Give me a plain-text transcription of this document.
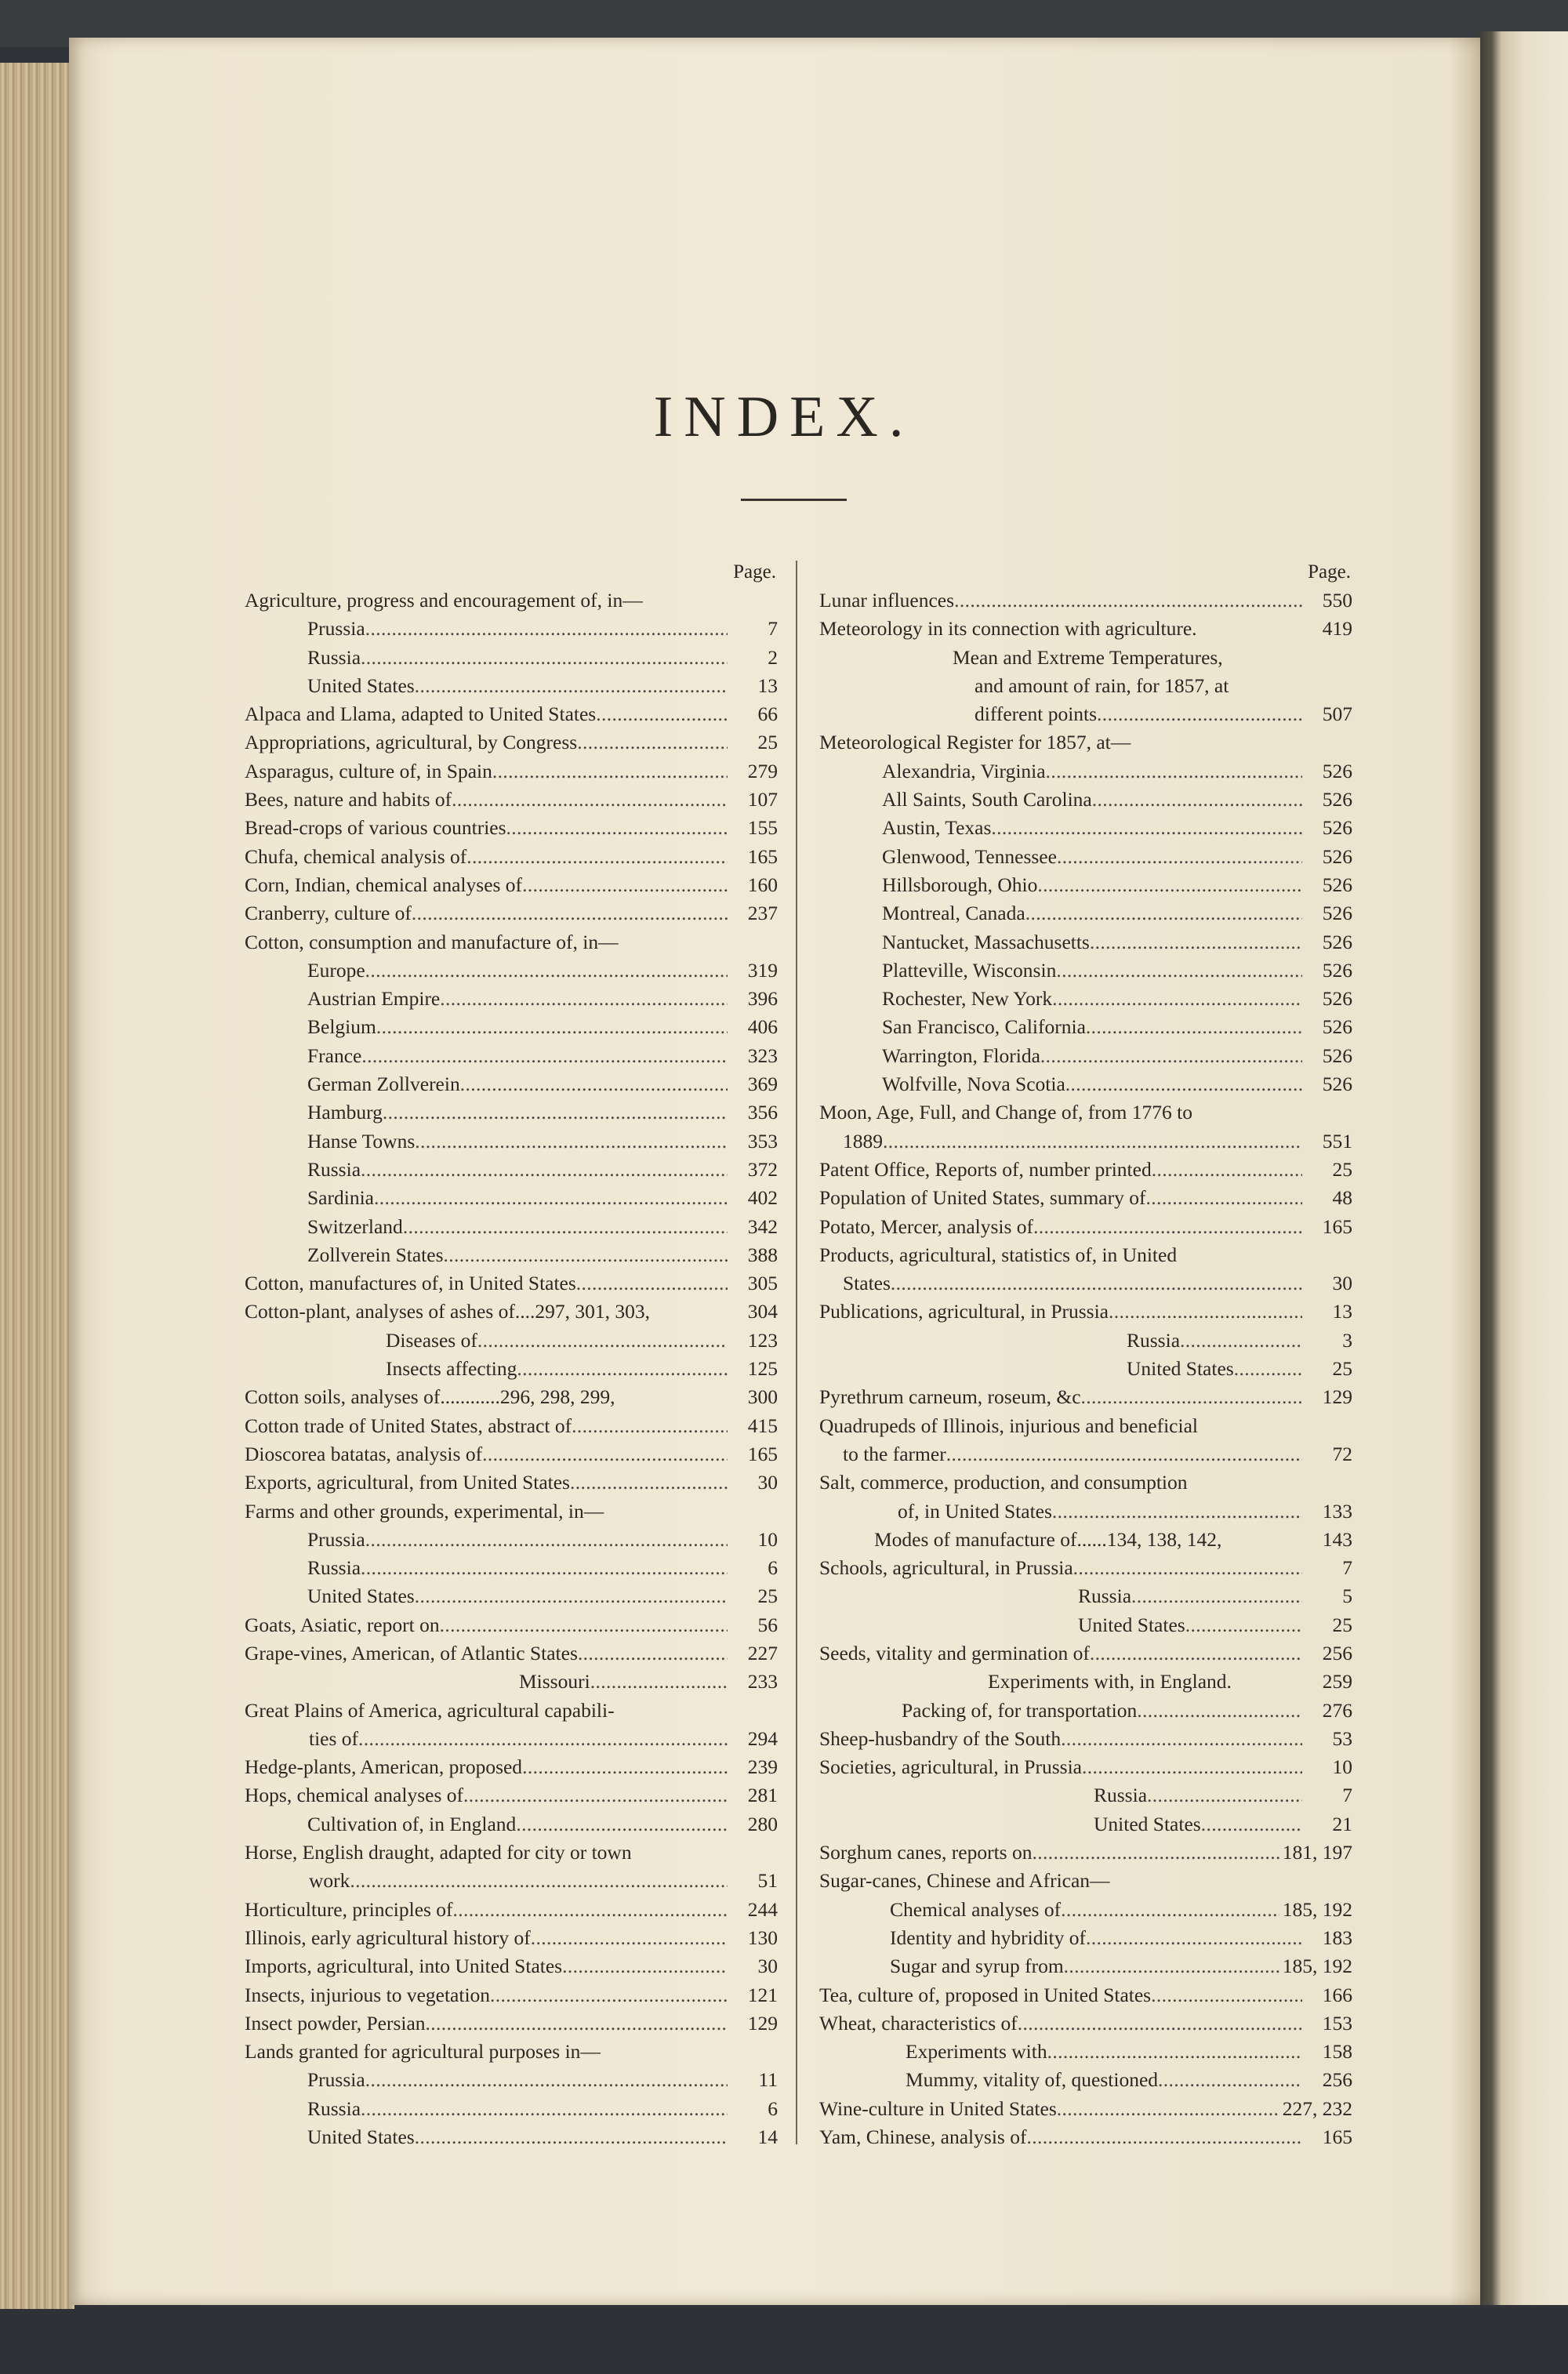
INDEX.
Page.
Agriculture, progress and encouragement of, in—
Prussia . . .	7
Russia . . .	2
United States . . .	13
Alpaca and Llama, adapted to United States . . .	66
Appropriations, agricultural, by Congress . . .	25
Asparagus, culture of, in Spain . . .	279
Bees, nature and habits of . . .	107
Bread-crops of various countries . . .	155
Chufa, chemical analysis of . . .	165
Corn, Indian, chemical analyses of . . .	160
Cranberry, culture of . . .	237
Cotton, consumption and manufacture of, in—
Europe . . .	319
Austrian Empire . . .	396
Belgium . . .	406
France . . .	323
German Zollverein . . .	369
Hamburg . . .	356
Hanse Towns . . .	353
Russia . . .	372
Sardinia . . .	402
Switzerland . . .	342
Zollverein States . . .	388
Cotton, manufactures of, in United States . . .	305
Cotton-plant, analyses of ashes of....297, 301, 303,	304
Diseases of . . .	123
Insects affecting . . .	125
Cotton soils, analyses of............296, 298, 299,	300
Cotton trade of United States, abstract of . . .	415
Dioscorea batatas, analysis of . . .	165
Exports, agricultural, from United States . . .	30
Farms and other grounds, experimental, in—
Prussia . . .	10
Russia . . .	6
United States . . .	25
Goats, Asiatic, report on . . .	56
Grape-vines, American, of Atlantic States . . .	227
Missouri . . .	233
Great Plains of America, agricultural capabili-
ties of . . .	294
Hedge-plants, American, proposed . . .	239
Hops, chemical analyses of . . .	281
Cultivation of, in England . . .	280
Horse, English draught, adapted for city or town
work . . .	51
Horticulture, principles of . . .	244
Illinois, early agricultural history of . . .	130
Imports, agricultural, into United States . . .	30
Insects, injurious to vegetation . . .	121
Insect powder, Persian . . .	129
Lands granted for agricultural purposes in—
Prussia . . .	11
Russia . . .	6
United States . . .	14
Page.
Lunar influences . . .	550
Meteorology in its connection with agriculture.	419
Mean and Extreme Temperatures,
and amount of rain, for 1857, at
different points . . .	507
Meteorological Register for 1857, at—
Alexandria, Virginia . . .	526
All Saints, South Carolina . . .	526
Austin, Texas . . .	526
Glenwood, Tennessee . . .	526
Hillsborough, Ohio . . .	526
Montreal, Canada . . .	526
Nantucket, Massachusetts . . .	526
Platteville, Wisconsin . . .	526
Rochester, New York . . .	526
San Francisco, California . . .	526
Warrington, Florida . . .	526
Wolfville, Nova Scotia . . .	526
Moon, Age, Full, and Change of, from 1776 to
1889 . . .	551
Patent Office, Reports of, number printed . . .	25
Population of United States, summary of . . .	48
Potato, Mercer, analysis of . . .	165
Products, agricultural, statistics of, in United
States . . .	30
Publications, agricultural, in Prussia . . .	13
Russia . . .	3
United States . . .	25
Pyrethrum carneum, roseum, &c . . .	129
Quadrupeds of Illinois, injurious and beneficial
to the farmer . . .	72
Salt, commerce, production, and consumption
of, in United States . . .	133
Modes of manufacture of......134, 138, 142,	143
Schools, agricultural, in Prussia . . .	7
Russia . . .	5
United States . . .	25
Seeds, vitality and germination of . . .	256
Experiments with, in England.	259
Packing of, for transportation . . .	276
Sheep-husbandry of the South . . .	53
Societies, agricultural, in Prussia . . .	10
Russia . . .	7
United States . . .	21
Sorghum canes, reports on . . .	181, 197
Sugar-canes, Chinese and African—
Chemical analyses of . . .	185, 192
Identity and hybridity of . . .	183
Sugar and syrup from . . .	185, 192
Tea, culture of, proposed in United States . . .	166
Wheat, characteristics of . . .	153
Experiments with . . .	158
Mummy, vitality of, questioned . . .	256
Wine-culture in United States . . .	227, 232
Yam, Chinese, analysis of . . .	165
